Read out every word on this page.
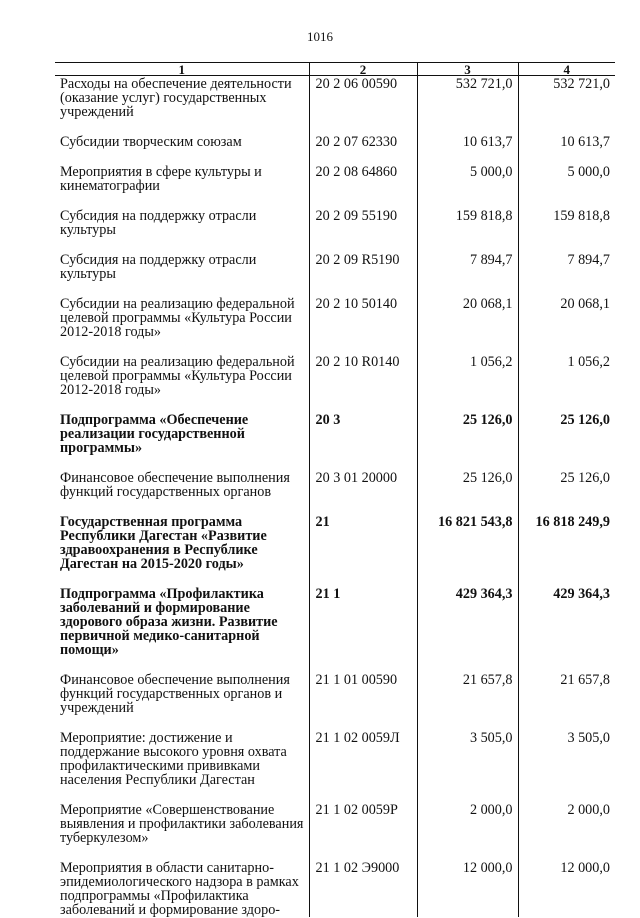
1016
1	2	3	4
Расходы на обеспечение деятельности (оказание услуг) государственных учреждений	20 2 06 00590	532 721,0	532 721,0
Субсидии творческим союзам	20 2 07 62330	10 613,7	10 613,7
Мероприятия в сфере культуры и кинематографии	20 2 08 64860	5 000,0	5 000,0
Субсидия на поддержку отрасли культуры	20 2 09 55190	159 818,8	159 818,8
Субсидия на поддержку отрасли культуры	20 2 09 R5190	7 894,7	7 894,7
Субсидии на реализацию федеральной целевой программы «Культура России 2012-2018 годы»	20 2 10 50140	20 068,1	20 068,1
Субсидии на реализацию федеральной целевой программы «Культура России 2012-2018 годы»	20 2 10 R0140	1 056,2	1 056,2
Подпрограмма «Обеспечение реализации государственной программы»	20 3	25 126,0	25 126,0
Финансовое обеспечение выполнения функций государственных органов	20 3 01 20000	25 126,0	25 126,0
Государственная программа Республики Дагестан «Развитие здравоохранения в Республике Дагестан на 2015-2020 годы»	21	16 821 543,8	16 818 249,9
Подпрограмма «Профилактика заболеваний и формирование здорового образа жизни. Развитие первичной медико-санитарной помощи»	21 1	429 364,3	429 364,3
Финансовое обеспечение выполнения функций государственных органов и учреждений	21 1 01 00590	21 657,8	21 657,8
Мероприятие: достижение и поддержание высокого уровня охвата профилактическими прививками населения Республики Дагестан	21 1 02 0059Л	3 505,0	3 505,0
Мероприятие «Совершенствование выявления и профилактики заболевания туберкулезом»	21 1 02 0059Р	2 000,0	2 000,0
Мероприятия в области санитарно-эпидемиологического надзора в рамках подпрограммы «Профилактика заболеваний и формирование здоро-	21 1 02 Э9000	12 000,0	12 000,0
